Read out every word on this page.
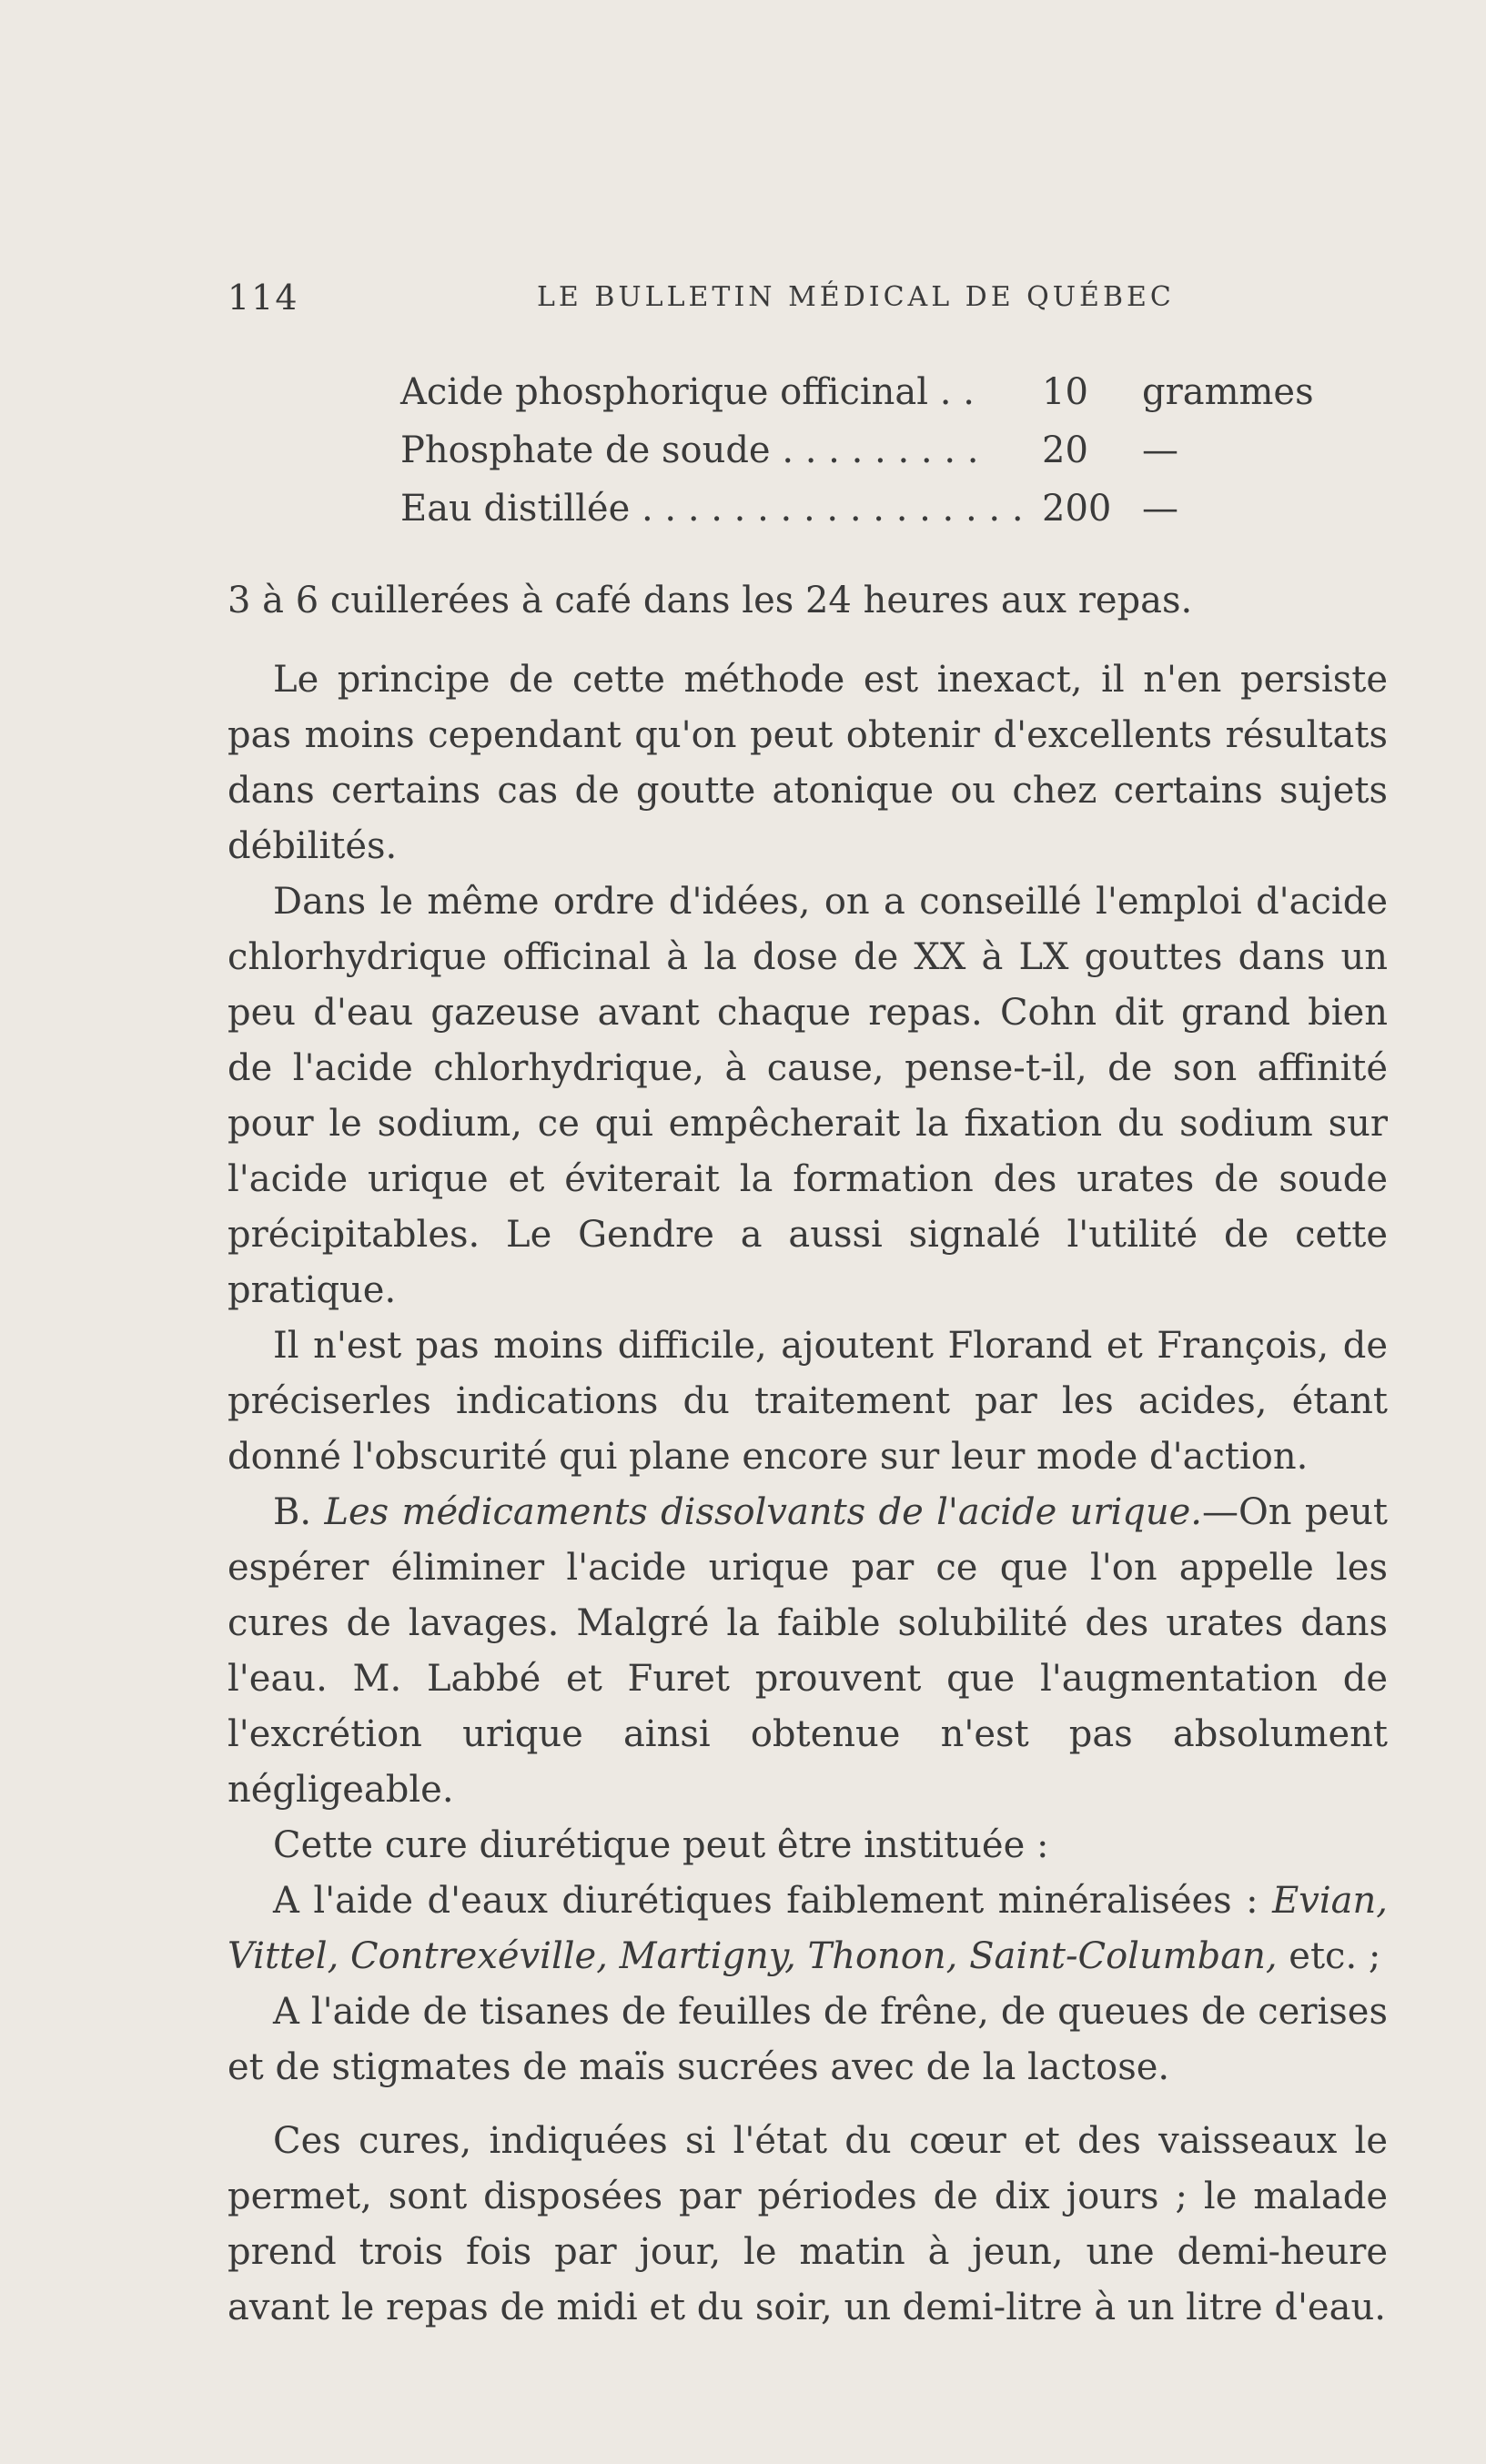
114	LE BULLETIN MÉDICAL DE QUÉBEC
Acide phosphorique officinal . . 10 grammes
Phosphate de soude . . . . . . . . . 20 —
Eau distillée . . . . . . . . . . . . . . . . . 200 —

3 à 6 cuillerées à café dans les 24 heures aux repas.

Le principe de cette méthode est inexact, il n'en persiste pas moins cependant qu'on peut obtenir d'excellents résultats dans certains cas de goutte atonique ou chez certains sujets débilités.

Dans le même ordre d'idées, on a conseillé l'emploi d'acide chlorhydrique officinal à la dose de XX à LX gouttes dans un peu d'eau gazeuse avant chaque repas. Cohn dit grand bien de l'acide chlorhydrique, à cause, pense-t-il, de son affinité pour le sodium, ce qui empêcherait la fixation du sodium sur l'acide urique et éviterait la formation des urates de soude précipitables. Le Gendre a aussi signalé l'utilité de cette pratique.

Il n'est pas moins difficile, ajoutent Florand et François, de préciserles indications du traitement par les acides, étant donné l'obscurité qui plane encore sur leur mode d'action.

B. Les médicaments dissolvants de l'acide urique.—On peut espérer éliminer l'acide urique par ce que l'on appelle les cures de lavages. Malgré la faible solubilité des urates dans l'eau. M. Labbé et Furet prouvent que l'augmentation de l'excrétion urique ainsi obtenue n'est pas absolument négligeable.

Cette cure diurétique peut être instituée :

A l'aide d'eaux diurétiques faiblement minéralisées : Evian, Vittel, Contrexéville, Martigny, Thonon, Saint-Columban, etc. ;

A l'aide de tisanes de feuilles de frêne, de queues de cerises et de stigmates de maïs sucrées avec de la lactose.

Ces cures, indiquées si l'état du cœur et des vaisseaux le permet, sont disposées par périodes de dix jours ; le malade prend trois fois par jour, le matin à jeun, une demi-heure avant le repas de midi et du soir, un demi-litre à un litre d'eau.
